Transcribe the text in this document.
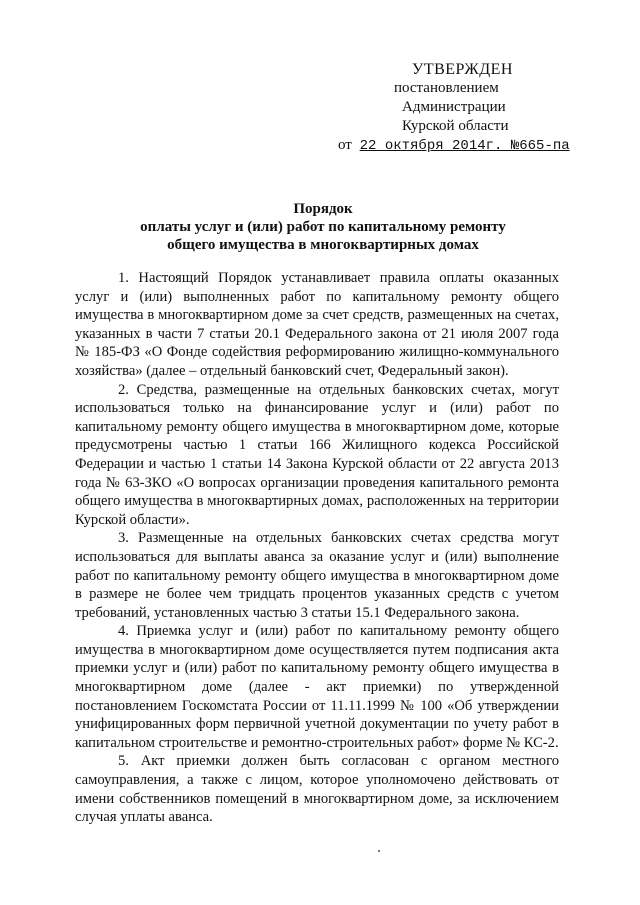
УТВЕРЖДЕН
постановлением
Администрации
Курской области
от 22 октября 2014г. №665-па
Порядок
оплаты услуг и (или) работ по капитальному ремонту
общего имущества в многоквартирных домах

1. Настоящий Порядок устанавливает правила оплаты оказанных услуг и (или) выполненных работ по капитальному ремонту общего имущества в многоквартирном доме за счет средств, размещенных на счетах, указанных в части 7 статьи 20.1 Федерального закона от 21 июля 2007 года № 185-ФЗ «О Фонде содействия реформированию жилищно-коммунального хозяйства» (далее – отдельный банковский счет, Федеральный закон).

2. Средства, размещенные на отдельных банковских счетах, могут использоваться только на финансирование услуг и (или) работ по капитальному ремонту общего имущества в многоквартирном доме, которые предусмотрены частью 1 статьи 166 Жилищного кодекса Российской Федерации и частью 1 статьи 14 Закона Курской области от 22 августа 2013 года № 63-ЗКО «О вопросах организации проведения капитального ремонта общего имущества в многоквартирных домах, расположенных на территории Курской области».

3. Размещенные на отдельных банковских счетах средства могут использоваться для выплаты аванса за оказание услуг и (или) выполнение работ по капитальному ремонту общего имущества в многоквартирном доме в размере не более чем тридцать процентов указанных средств с учетом требований, установленных частью 3 статьи 15.1 Федерального закона.

4. Приемка услуг и (или) работ по капитальному ремонту общего имущества в многоквартирном доме осуществляется путем подписания акта приемки услуг и (или) работ по капитальному ремонту общего имущества в многоквартирном доме (далее - акт приемки) по утвержденной постановлением Госкомстата России от 11.11.1999 № 100 «Об утверждении унифицированных форм первичной учетной документации по учету работ в капитальном строительстве и ремонтно-строительных работ» форме № КС-2.

5. Акт приемки должен быть согласован с органом местного самоуправления, а также с лицом, которое уполномочено действовать от имени собственников помещений в многоквартирном доме, за исключением случая уплаты аванса.
